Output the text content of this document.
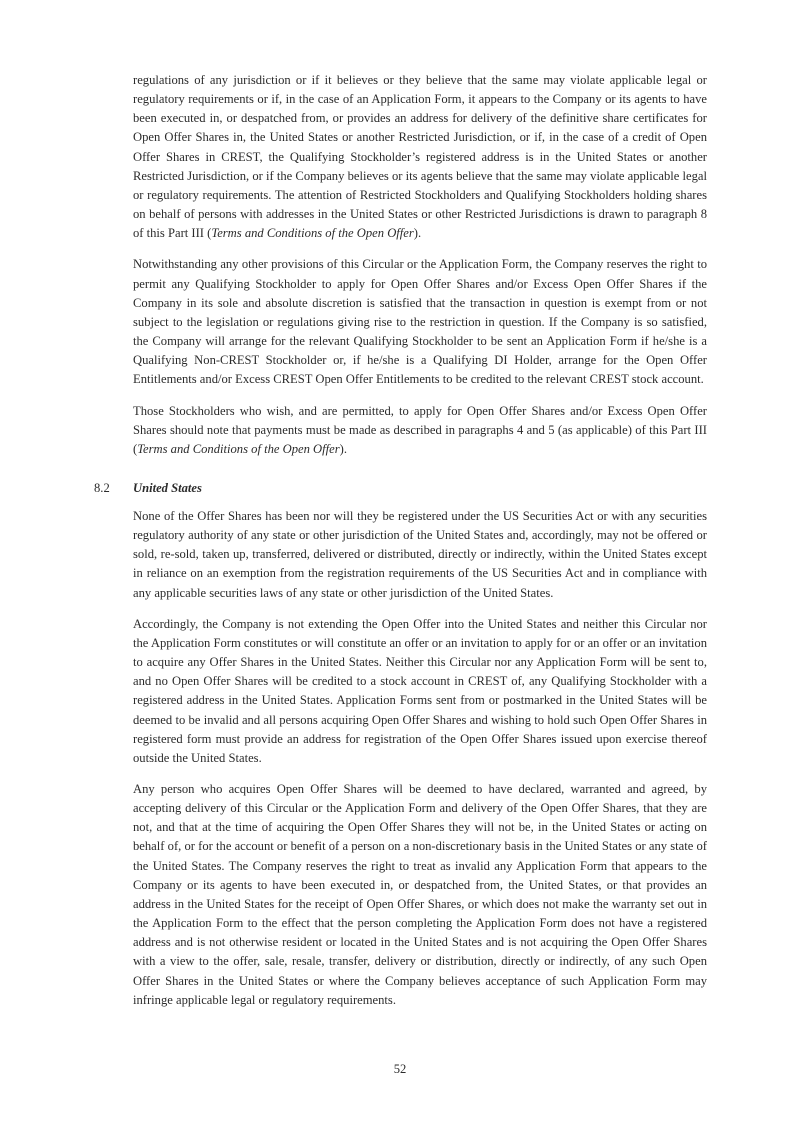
regulations of any jurisdiction or if it believes or they believe that the same may violate applicable legal or regulatory requirements or if, in the case of an Application Form, it appears to the Company or its agents to have been executed in, or despatched from, or provides an address for delivery of the definitive share certificates for Open Offer Shares in, the United States or another Restricted Jurisdiction, or if, in the case of a credit of Open Offer Shares in CREST, the Qualifying Stockholder’s registered address is in the United States or another Restricted Jurisdiction, or if the Company believes or its agents believe that the same may violate applicable legal or regulatory requirements. The attention of Restricted Stockholders and Qualifying Stockholders holding shares on behalf of persons with addresses in the United States or other Restricted Jurisdictions is drawn to paragraph 8 of this Part III (Terms and Conditions of the Open Offer).

Notwithstanding any other provisions of this Circular or the Application Form, the Company reserves the right to permit any Qualifying Stockholder to apply for Open Offer Shares and/or Excess Open Offer Shares if the Company in its sole and absolute discretion is satisfied that the transaction in question is exempt from or not subject to the legislation or regulations giving rise to the restriction in question. If the Company is so satisfied, the Company will arrange for the relevant Qualifying Stockholder to be sent an Application Form if he/she is a Qualifying Non-CREST Stockholder or, if he/she is a Qualifying DI Holder, arrange for the Open Offer Entitlements and/or Excess CREST Open Offer Entitlements to be credited to the relevant CREST stock account.

Those Stockholders who wish, and are permitted, to apply for Open Offer Shares and/or Excess Open Offer Shares should note that payments must be made as described in paragraphs 4 and 5 (as applicable) of this Part III (Terms and Conditions of the Open Offer).

8.2 United States

None of the Offer Shares has been nor will they be registered under the US Securities Act or with any securities regulatory authority of any state or other jurisdiction of the United States and, accordingly, may not be offered or sold, re-sold, taken up, transferred, delivered or distributed, directly or indirectly, within the United States except in reliance on an exemption from the registration requirements of the US Securities Act and in compliance with any applicable securities laws of any state or other jurisdiction of the United States.

Accordingly, the Company is not extending the Open Offer into the United States and neither this Circular nor the Application Form constitutes or will constitute an offer or an invitation to apply for or an offer or an invitation to acquire any Offer Shares in the United States. Neither this Circular nor any Application Form will be sent to, and no Open Offer Shares will be credited to a stock account in CREST of, any Qualifying Stockholder with a registered address in the United States. Application Forms sent from or postmarked in the United States will be deemed to be invalid and all persons acquiring Open Offer Shares and wishing to hold such Open Offer Shares in registered form must provide an address for registration of the Open Offer Shares issued upon exercise thereof outside the United States.

Any person who acquires Open Offer Shares will be deemed to have declared, warranted and agreed, by accepting delivery of this Circular or the Application Form and delivery of the Open Offer Shares, that they are not, and that at the time of acquiring the Open Offer Shares they will not be, in the United States or acting on behalf of, or for the account or benefit of a person on a non-discretionary basis in the United States or any state of the United States. The Company reserves the right to treat as invalid any Application Form that appears to the Company or its agents to have been executed in, or despatched from, the United States, or that provides an address in the United States for the receipt of Open Offer Shares, or which does not make the warranty set out in the Application Form to the effect that the person completing the Application Form does not have a registered address and is not otherwise resident or located in the United States and is not acquiring the Open Offer Shares with a view to the offer, sale, resale, transfer, delivery or distribution, directly or indirectly, of any such Open Offer Shares in the United States or where the Company believes acceptance of such Application Form may infringe applicable legal or regulatory requirements.

52
